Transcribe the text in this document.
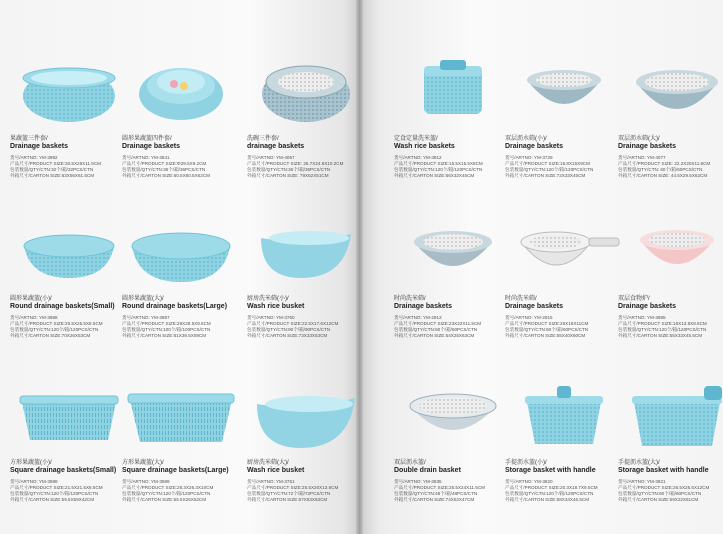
果蔬篮三件套/
Drainage baskets
货号/ARTNO: YM-3992
产品尺寸/PRODUCT SIZE:30.5X28X11.5CM
包装数量/QTY/CTN:32个/箱/32PCS/CTN
外箱尺寸/CARTON SIZE:63X56X61.5CM
圆形果蔬篮四件套/
Drainage baskets
货号/ARTNO: YM-3841
产品尺寸/PRODUCT SIZE:Φ29.5X9.2CM
包装数量/QTY/CTN:36个/箱/36PCS/CTN
外箱尺寸/CARTON SIZE:60.5X60.5X62CM
洗碗三件套/
drainage baskets
货号/ARTNO: YM-4057
产品尺寸/PRODUCT SIZE: 25.7X24.6X10.2CM
包装数量/QTY/CTN:36个/箱/36PCS/CTN
外箱尺寸/CARTON SIZE: 79X52X51CM
定食定量洗米篮/
Wash rice baskets
货号/ARTNO: YM-3812
产品尺寸/PRODUCT SIZE:15.5X15.5X8CM
包装数量/QTY/CTN:120个/箱/120PCS/CTN
外箱尺寸/CARTON SIZE:66X32X45CM
双层沥水筛(小)/
Drainage baskets
货号/ARTNO: YM-3729
产品尺寸/PRODUCT SIZE:16.8X15X9CM
包装数量/QTY/CTN:120个/箱/120PCS/CTN
外箱尺寸/CARTON SIZE:72X33X45CM
双层沥水筛(大)/
Drainage baskets
货号/ARTNO: YM-4077
产品尺寸/PRODUCT SIZE: 22.2X20X11.8CM
包装数量/QTY/CTN: 60个/箱/60PCS/CTN
外箱尺寸/CARTON SIZE: 44.5X29.5X62CM
圆形果蔬篮(小)/
Round drainage baskets(Small)
货号/ARTNO: YM-3986
产品尺寸/PRODUCT SIZE:26.5X25.5X8.5CM
包装数量/QTY/CTN:120个/箱/120PCS/CTN
外箱尺寸/CARTON SIZE:70X26X53CM
圆形果蔬篮(大)/
Round drainage baskets(Large)
货号/ARTNO: YM-3987
产品尺寸/PRODUCT SIZE:29X28.5X9.5CM
包装数量/QTY/CTN:100个/箱/100PCS/CTN
外箱尺寸/CARTON SIZE:61X39.5X59CM
厨房洗米筛(小)/
Wash rice busket
货号/ARTNO: YM-3760
产品尺寸/PRODUCT SIZE:22.5X17.6X12CM
包装数量/QTY/CTN:90个/箱/90PCS/CTN
外箱尺寸/CARTON SIZE:73X33X53CM
时尚洗米筛/
Drainage baskets
货号/ARTNO: YM-2913
产品尺寸/PRODUCT SIZE:23X22X11.5CM
包装数量/QTY/CTN:60个/箱/60PCS/CTN
外箱尺寸/CARTON SIZE:54X25X63CM
时尚洗米筛/
Drainage baskets
货号/ARTNO: YM-2915
产品尺寸/PRODUCT SIZE:26X16X11CM
包装数量/QTY/CTN:60个/箱/60PCS/CTN
外箱尺寸/CARTON SIZE:55X40X60CM
双层食物炉/
Drainage baskets
货号/ARTNO: YM-3985
产品尺寸/PRODUCT SIZE:16X13.8X8.5CM
包装数量/QTY/CTN:120个/箱/120PCS/CTN
外箱尺寸/CARTON SIZE:55X33X45.5CM
方形果蔬篮(小)/
Square drainage baskets(Small)
货号/ARTNO: YM-3988
产品尺寸/PRODUCT SIZE:21.5X21.5X8.5CM
包装数量/QTY/CTN:120个/箱/120PCS/CTN
外箱尺寸/CARTON SIZE:59.5X59X42CM
方形果蔬篮(大)/
Square drainage baskets(Large)
货号/ARTNO: YM-3989
产品尺寸/PRODUCT SIZE:28.3X26.3X10CM
包装数量/QTY/CTN:120个/箱/120PCS/CTN
外箱尺寸/CARTON SIZE:65.5X26X52CM
厨房洗米筛(大)/
Wash rice busket
货号/ARTNO: YM-3761
产品尺寸/PRODUCT SIZE:25.5X20X13.6CM
包装数量/QTY/CTN:72个/箱/72PCS/CTN
外箱尺寸/CARTON SIZE:67X53X63CM
双层沥水篮/
Double drain basket
货号/ARTNO: YM-3935
产品尺寸/PRODUCT SIZE:25.5X24X11.5CM
包装数量/QTY/CTN:48个/箱/48PCS/CTN
外箱尺寸/CARTON SIZE:74X52X47CM
手提沥水篮(小)/
Storage basket with handle
货号/ARTNO: YM-3820
产品尺寸/PRODUCT SIZE:20.3X18.7X9.5CM
包装数量/QTY/CTN:120个/箱/120PCS/CTN
外箱尺寸/CARTON SIZE:68X34X46.5CM
手提沥水篮(大)/
Storage basket with handle
货号/ARTNO: YM-3821
产品尺寸/PRODUCT SIZE:26.5X25.5X12CM
包装数量/QTY/CTN:60个/箱/60PCS/CTN
外箱尺寸/CARTON SIZE:69X22X61CM
